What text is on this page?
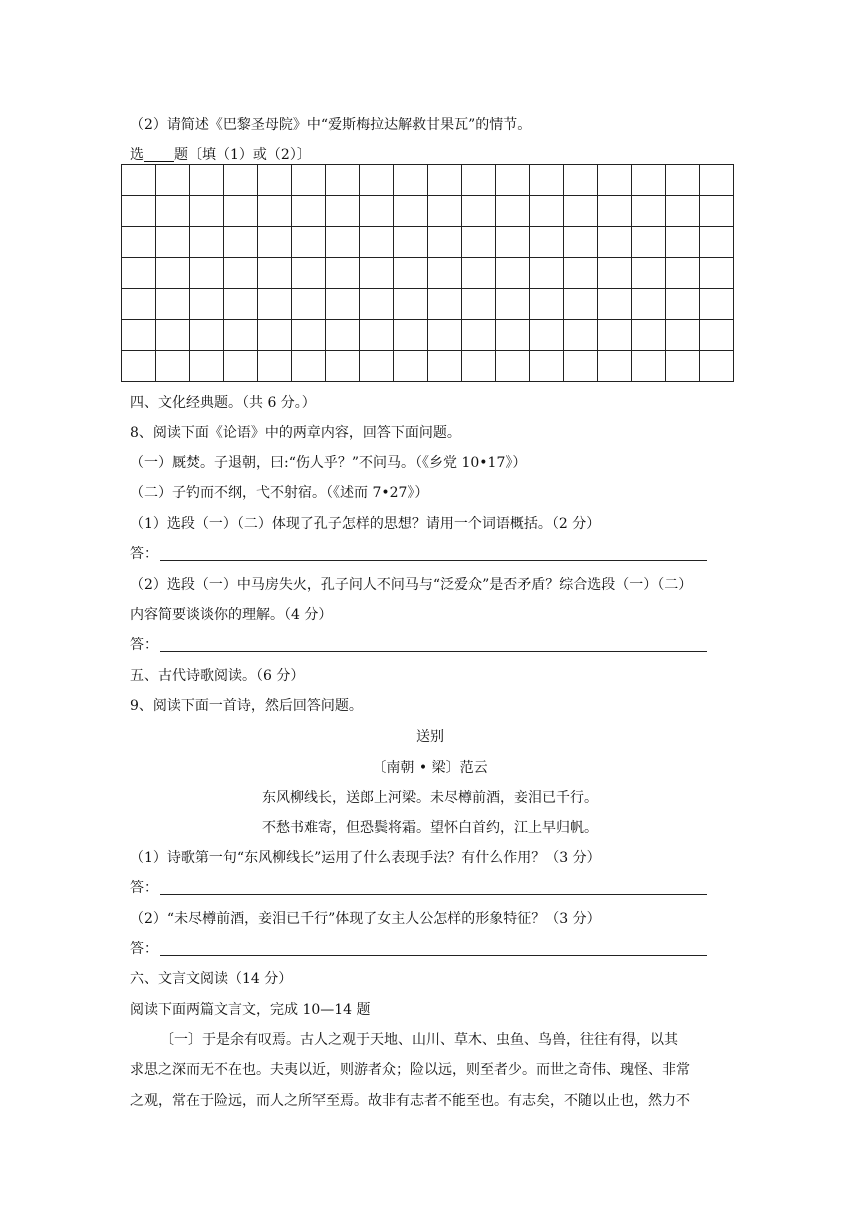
（2）请简述《巴黎圣母院》中“爱斯梅拉达解救甘果瓦”的情节。
选 题〔填（1）或（2）〕

四、文化经典题。（共 6 分。）
8、阅读下面《论语》中的两章内容，回答下面问题。
（一）厩焚。子退朝，曰:“伤人乎？”不问马。（《乡党 10•17》）
（二）子钓而不纲，弋不射宿。（《述而 7•27》）
（1）选段（一）（二）体现了孔子怎样的思想？请用一个词语概括。（2 分）
答：
（2）选段（一）中马房失火，孔子问人不问马与“泛爱众”是否矛盾？综合选段（一）（二）
内容简要谈谈你的理解。（4 分）
答：
五、古代诗歌阅读。（6 分）
9、阅读下面一首诗，然后回答问题。
送别
〔南朝 • 梁〕范云
东风柳线长，送郎上河梁。未尽樽前酒，妾泪已千行。
不愁书难寄，但恐鬓将霜。望怀白首约，江上早归帆。
（1）诗歌第一句“东风柳线长”运用了什么表现手法？有什么作用？（3 分）
答：
（2）“未尽樽前酒，妾泪已千行”体现了女主人公怎样的形象特征？（3 分）
答：
六、文言文阅读（14 分）
阅读下面两篇文言文，完成 10—14 题
〔一〕于是余有叹焉。古人之观于天地、山川、草木、虫鱼、鸟兽，往往有得，以其
求思之深而无不在也。夫夷以近，则游者众；险以远，则至者少。而世之奇伟、瑰怪、非常
之观，常在于险远，而人之所罕至焉。故非有志者不能至也。有志矣，不随以止也，然力不
